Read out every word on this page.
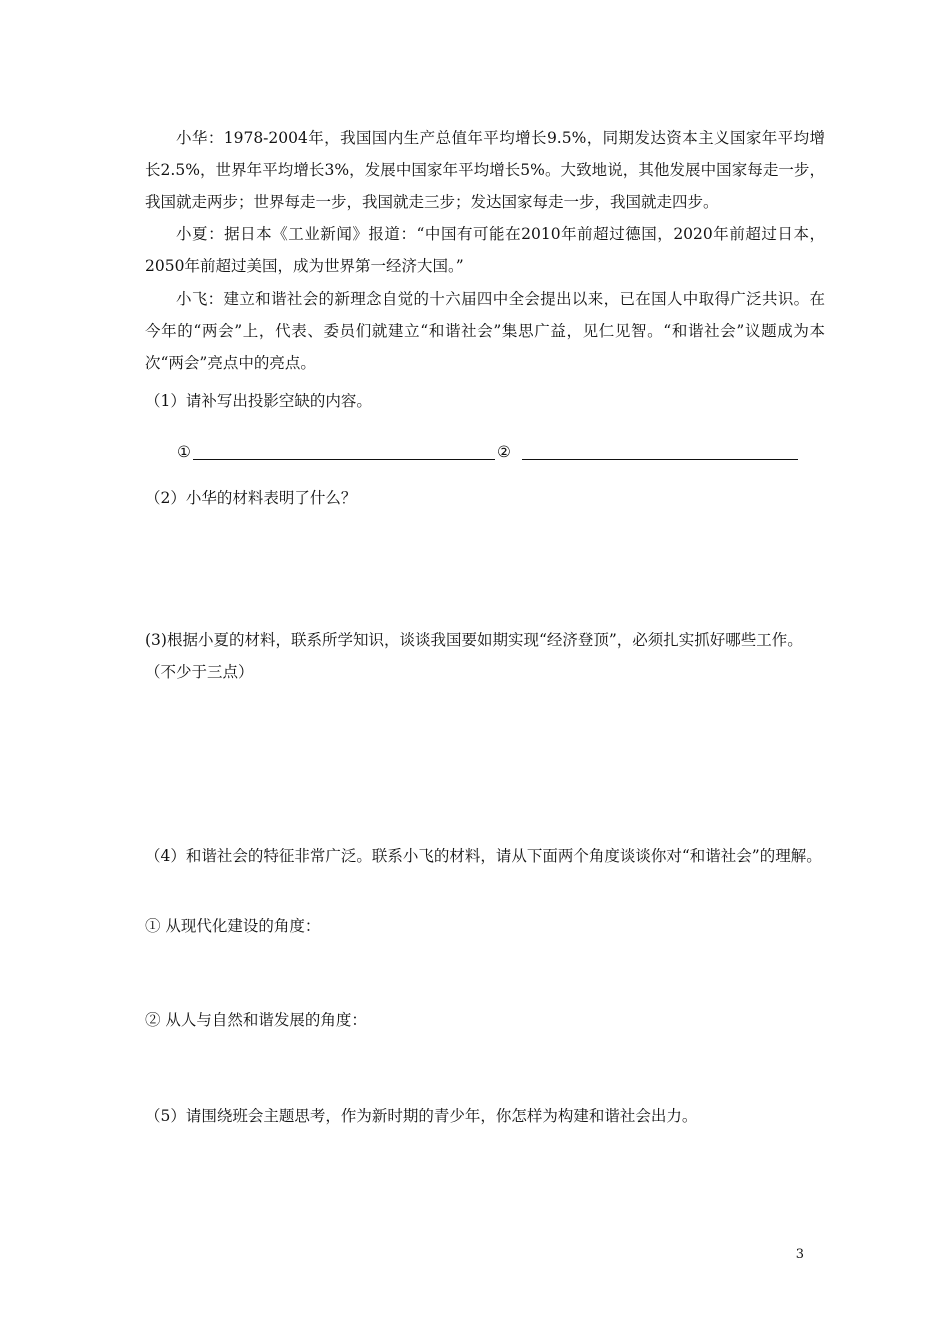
小华：1978-2004年，我国国内生产总值年平均增长9.5%，同期发达资本主义国家年平均增长2.5%，世界年平均增长3%，发展中国家年平均增长5%。大致地说，其他发展中国家每走一步，我国就走两步；世界每走一步，我国就走三步；发达国家每走一步，我国就走四步。
小夏：据日本《工业新闻》报道：“中国有可能在2010年前超过德国，2020年前超过日本，2050年前超过美国，成为世界第一经济大国。”
小飞：建立和谐社会的新理念自觉的十六届四中全会提出以来，已在国人中取得广泛共识。在今年的“两会”上，代表、委员们就建立“和谐社会”集思广益，见仁见智。“和谐社会”议题成为本次“两会”亮点中的亮点。
（1）请补写出投影空缺的内容。
①	②
（2）小华的材料表明了什么？
(3)根据小夏的材料，联系所学知识，谈谈我国要如期实现“经济登顶”，必须扎实抓好哪些工作。（不少于三点）
（4）和谐社会的特征非常广泛。联系小飞的材料，请从下面两个角度谈谈你对“和谐社会”的理解。
① 从现代化建设的角度：
② 从人与自然和谐发展的角度：
（5）请围绕班会主题思考，作为新时期的青少年，你怎样为构建和谐社会出力。
3
